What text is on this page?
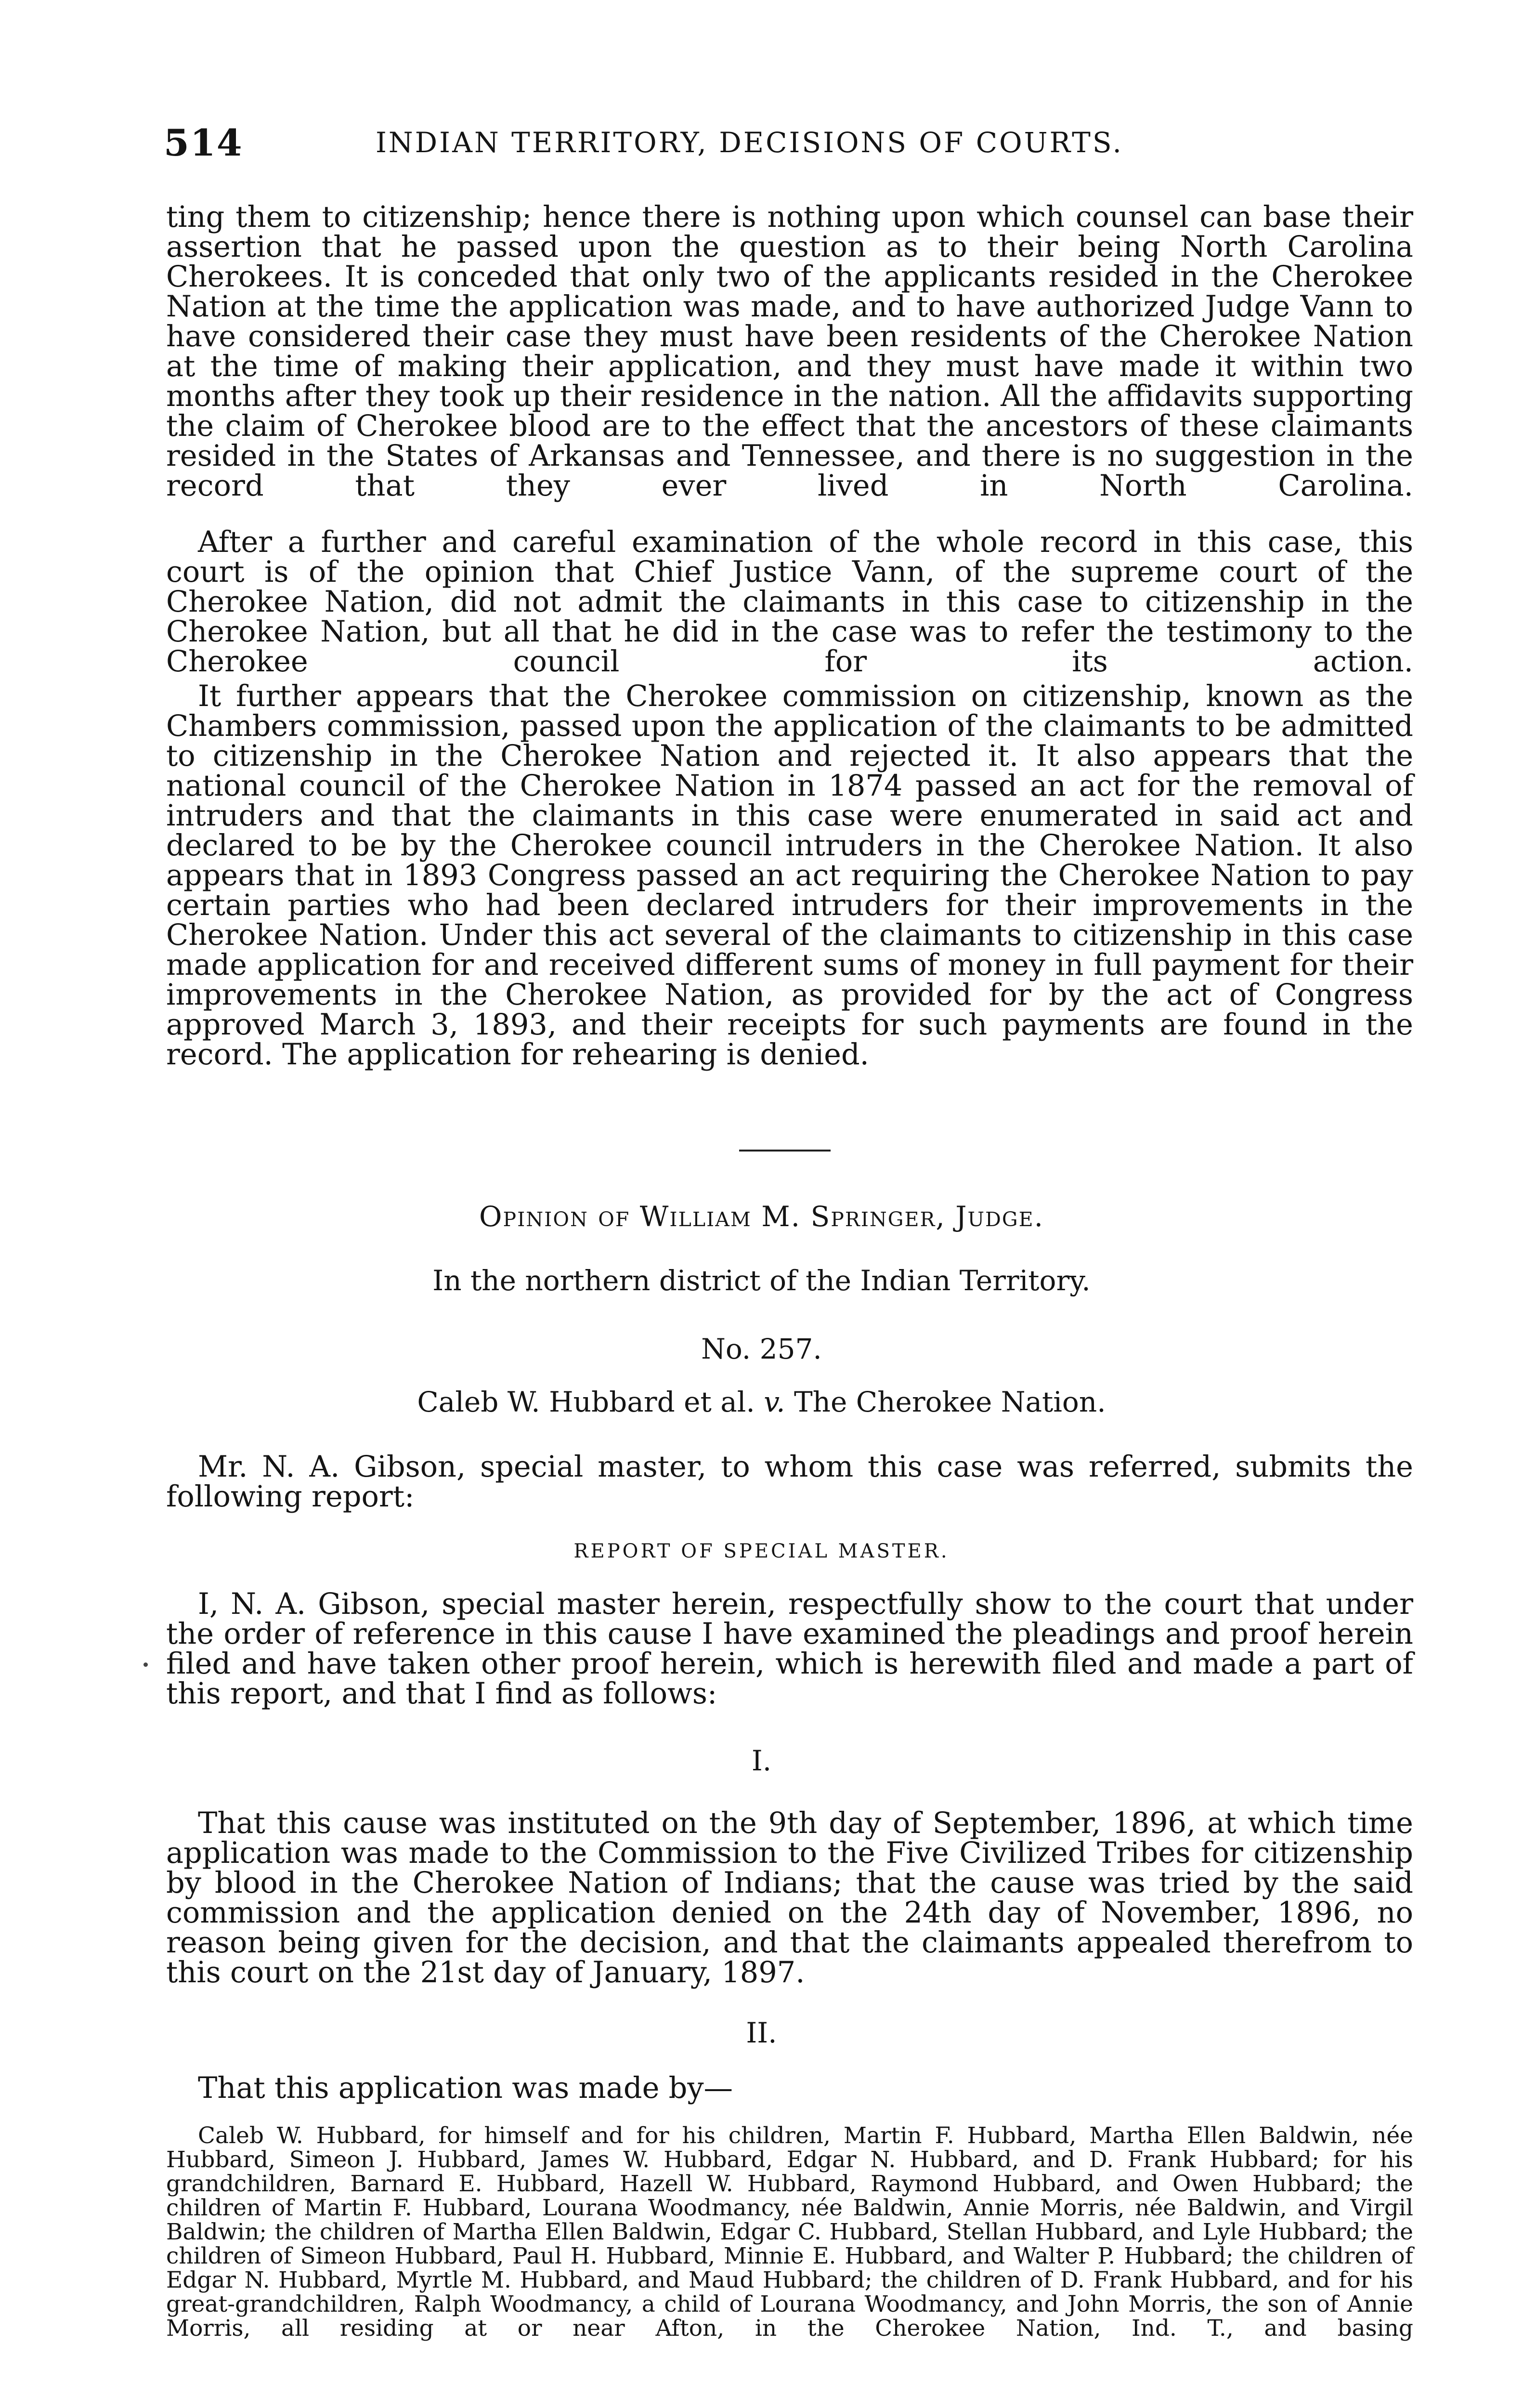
514	INDIAN TERRITORY, DECISIONS OF COURTS.

ting them to citizenship; hence there is nothing upon which counsel can base their assertion that he passed upon the question as to their being North Carolina Cherokees. It is conceded that only two of the applicants resided in the Cherokee Nation at the time the application was made, and to have authorized Judge Vann to have considered their case they must have been residents of the Cherokee Nation at the time of making their application, and they must have made it within two months after they took up their residence in the nation. All the affidavits supporting the claim of Cherokee blood are to the effect that the ancestors of these claimants resided in the States of Arkansas and Tennessee, and there is no suggestion in the record that they ever lived in North Carolina.

After a further and careful examination of the whole record in this case, this court is of the opinion that Chief Justice Vann, of the supreme court of the Cherokee Nation, did not admit the claimants in this case to citizenship in the Cherokee Nation, but all that he did in the case was to refer the testimony to the Cherokee council for its action.

It further appears that the Cherokee commission on citizenship, known as the Chambers commission, passed upon the application of the claimants to be admitted to citizenship in the Cherokee Nation and rejected it. It also appears that the national council of the Cherokee Nation in 1874 passed an act for the removal of intruders and that the claimants in this case were enumerated in said act and declared to be by the Cherokee council intruders in the Cherokee Nation. It also appears that in 1893 Congress passed an act requiring the Cherokee Nation to pay certain parties who had been declared intruders for their improvements in the Cherokee Nation. Under this act several of the claimants to citizenship in this case made application for and received different sums of money in full payment for their improvements in the Cherokee Nation, as provided for by the act of Congress approved March 3, 1893, and their receipts for such payments are found in the record. The application for rehearing is denied.

Opinion of William M. Springer, Judge.
In the northern district of the Indian Territory.
No. 257.
Caleb W. Hubbard et al. v. The Cherokee Nation.

Mr. N. A. Gibson, special master, to whom this case was referred, submits the following report:

REPORT OF SPECIAL MASTER.

I, N. A. Gibson, special master herein, respectfully show to the court that under the order of reference in this cause I have examined the pleadings and proof herein filed and have taken other proof herein, which is herewith filed and made a part of this report, and that I find as follows:

I.

That this cause was instituted on the 9th day of September, 1896, at which time application was made to the Commission to the Five Civilized Tribes for citizenship by blood in the Cherokee Nation of Indians; that the cause was tried by the said commission and the application denied on the 24th day of November, 1896, no reason being given for the decision, and that the claimants appealed therefrom to this court on the 21st day of January, 1897.

II.

That this application was made by—

Caleb W. Hubbard, for himself and for his children, Martin F. Hubbard, Martha Ellen Baldwin, née Hubbard, Simeon J. Hubbard, James W. Hubbard, Edgar N. Hubbard, and D. Frank Hubbard; for his grandchildren, Barnard E. Hubbard, Hazell W. Hubbard, Raymond Hubbard, and Owen Hubbard; the children of Martin F. Hubbard, Lourana Woodmancy, née Baldwin, Annie Morris, née Baldwin, and Virgil Baldwin; the children of Martha Ellen Baldwin, Edgar C. Hubbard, Stellan Hubbard, and Lyle Hubbard; the children of Simeon Hubbard, Paul H. Hubbard, Minnie E. Hubbard, and Walter P. Hubbard; the children of Edgar N. Hubbard, Myrtle M. Hubbard, and Maud Hubbard; the children of D. Frank Hubbard, and for his great-grandchildren, Ralph Woodmancy, a child of Lourana Woodmancy, and John Morris, the son of Annie Morris, all residing at or near Afton, in the Cherokee Nation, Ind. T., and basing
